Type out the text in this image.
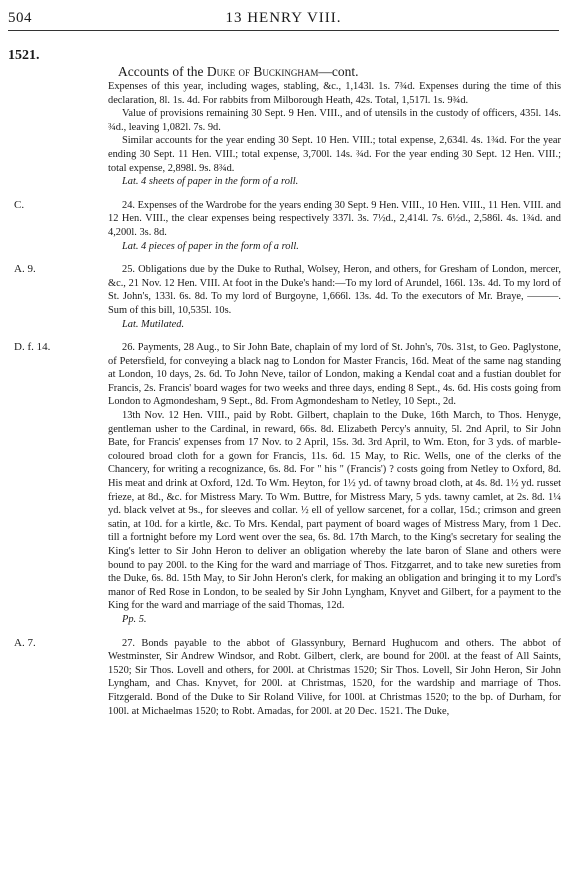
504	13 HENRY VIII.
1521.
Accounts of the Duke of Buckingham—cont.

Expenses of this year, including wages, stabling, &c., 1,143l. 1s. 7¾d. Expenses during the time of this declaration, 8l. 1s. 4d. For rabbits from Milborough Heath, 42s. Total, 1,517l. 1s. 9¾d.

Value of provisions remaining 30 Sept. 9 Hen. VIII., and of utensils in the custody of officers, 435l. 14s. ¾d., leaving 1,082l. 7s. 9d.

Similar accounts for the year ending 30 Sept. 10 Hen. VIII.; total expense, 2,634l. 4s. 1¾d. For the year ending 30 Sept. 11 Hen. VIII.; total expense, 3,700l. 14s. ¾d. For the year ending 30 Sept. 12 Hen. VIII.; total expense, 2,898l. 9s. 8¾d.

Lat. 4 sheets of paper in the form of a roll.

C.	24. Expenses of the Wardrobe for the years ending 30 Sept. 9 Hen. VIII., 10 Hen. VIII., 11 Hen. VIII. and 12 Hen. VIII., the clear expenses being respectively 337l. 3s. 7½d., 2,414l. 7s. 6½d., 2,586l. 4s. 1¾d. and 4,200l. 3s. 8d.

Lat. 4 pieces of paper in the form of a roll.

A. 9.	25. Obligations due by the Duke to Ruthal, Wolsey, Heron, and others, for Gresham of London, mercer, &c., 21 Nov. 12 Hen. VIII. At foot in the Duke's hand:—To my lord of Arundel, 166l. 13s. 4d. To my lord of St. John's, 133l. 6s. 8d. To my lord of Burgoyne, 1,666l. 13s. 4d. To the executors of Mr. Braye, ———. Sum of this bill, 10,535l. 10s.

Lat. Mutilated.

D. f. 14.	26. Payments, 28 Aug., to Sir John Bate, chaplain of my lord of St. John's, 70s. 31st, to Geo. Paglystone, of Petersfield, for conveying a black nag to London for Master Francis, 16d. Meat of the same nag standing at London, 10 days, 2s. 6d. To John Neve, tailor of London, making a Kendal coat and a fustian doublet for Francis, 2s. Francis' board wages for two weeks and three days, ending 8 Sept., 4s. 6d. His costs going from London to Agmondesham, 9 Sept., 8d. From Agmondesham to Netley, 10 Sept., 2d.

13th Nov. 12 Hen. VIII., paid by Robt. Gilbert, chaplain to the Duke, 16th March, to Thos. Henyge, gentleman usher to the Cardinal, in reward, 66s. 8d. Elizabeth Percy's annuity, 5l. 2nd April, to Sir John Bate, for Francis' expenses from 17 Nov. to 2 April, 15s. 3d. 3rd April, to Wm. Eton, for 3 yds. of marble-coloured broad cloth for a gown for Francis, 11s. 6d. 15 May, to Ric. Wells, one of the clerks of the Chancery, for writing a recognizance, 6s. 8d. For " his " (Francis') ? costs going from Netley to Oxford, 8d. His meat and drink at Oxford, 12d. To Wm. Heyton, for 1½ yd. of tawny broad cloth, at 4s. 8d. 1½ yd. russet frieze, at 8d., &c. for Mistress Mary. To Wm. Buttre, for Mistress Mary, 5 yds. tawny camlet, at 2s. 8d. 1¼ yd. black velvet at 9s., for sleeves and collar. ½ ell of yellow sarcenet, for a collar, 15d.; crimson and green satin, at 10d. for a kirtle, &c. To Mrs. Kendal, part payment of board wages of Mistress Mary, from 1 Dec. till a fortnight before my Lord went over the sea, 6s. 8d. 17th March, to the King's secretary for sealing the King's letter to Sir John Heron to deliver an obligation whereby the late baron of Slane and others were bound to pay 200l. to the King for the ward and marriage of Thos. Fitzgarret, and to take new sureties from the Duke, 6s. 8d. 15th May, to Sir John Heron's clerk, for making an obligation and bringing it to my Lord's manor of Red Rose in London, to be sealed by Sir John Lyngham, Knyvet and Gilbert, for a payment to the King for the ward and marriage of the said Thomas, 12d.

Pp. 5.

A. 7.	27. Bonds payable to the abbot of Glassynbury, Bernard Hughucom and others. The abbot of Westminster, Sir Andrew Windsor, and Robt. Gilbert, clerk, are bound for 200l. at the feast of All Saints, 1520; Sir Thos. Lovell and others, for 200l. at Christmas 1520; Sir Thos. Lovell, Sir John Heron, Sir John Lyngham, and Chas. Knyvet, for 200l. at Christmas, 1520, for the wardship and marriage of Thos. Fitzgerald. Bond of the Duke to Sir Roland Vilive, for 100l. at Christmas 1520; to the bp. of Durham, for 100l. at Michaelmas 1520; to Robt. Amadas, for 200l. at 20 Dec. 1521. The Duke,
